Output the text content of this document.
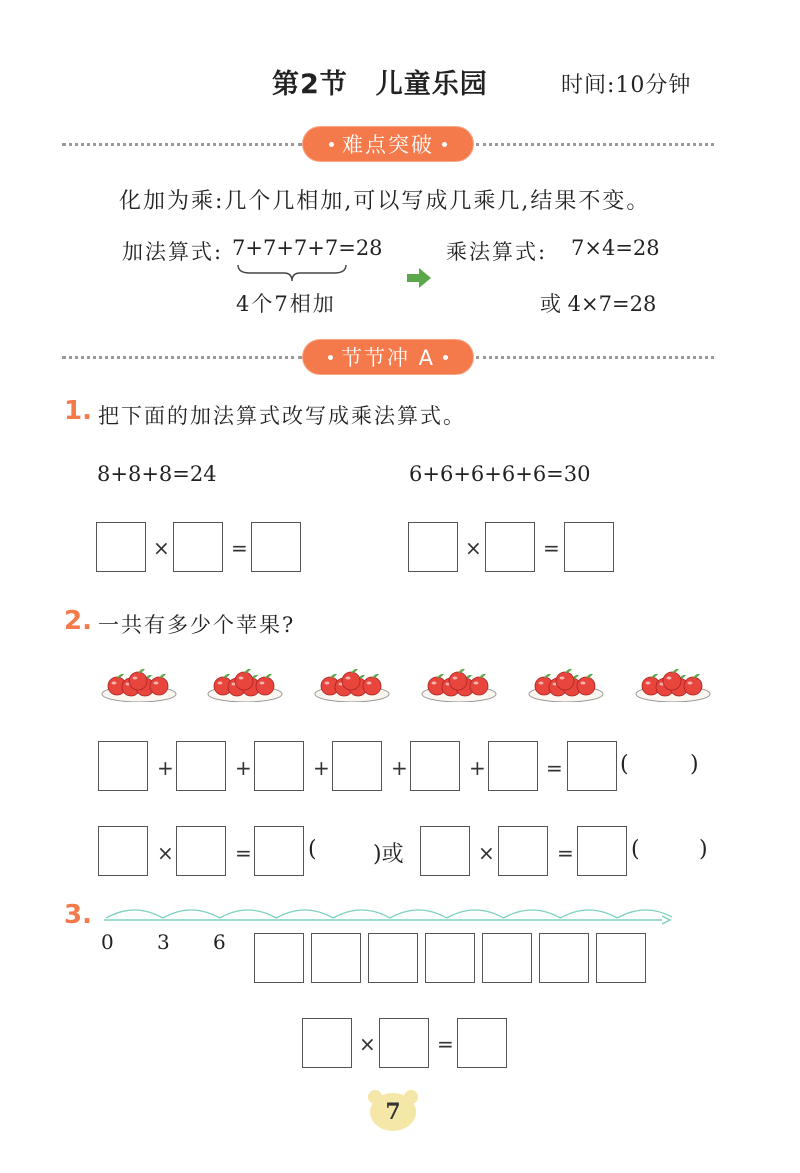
第2节　儿童乐园	时间:10分钟
难点突破
化加为乘:几个几相加,可以写成几乘几,结果不变。
加法算式: 7+7+7+7=28
4个7相加
乘法算式: 7×4=28
或 4×7=28
节节冲 A
1. 把下面的加法算式改写成乘法算式。
8+8+8=24	6+6+6+6+6=30
×	=	×	=
2. 一共有多少个苹果?
+	+	+	+	+	=	(	)
×	=	(	)或	×	=	(	)
3.
0 3 6
×	=
7
